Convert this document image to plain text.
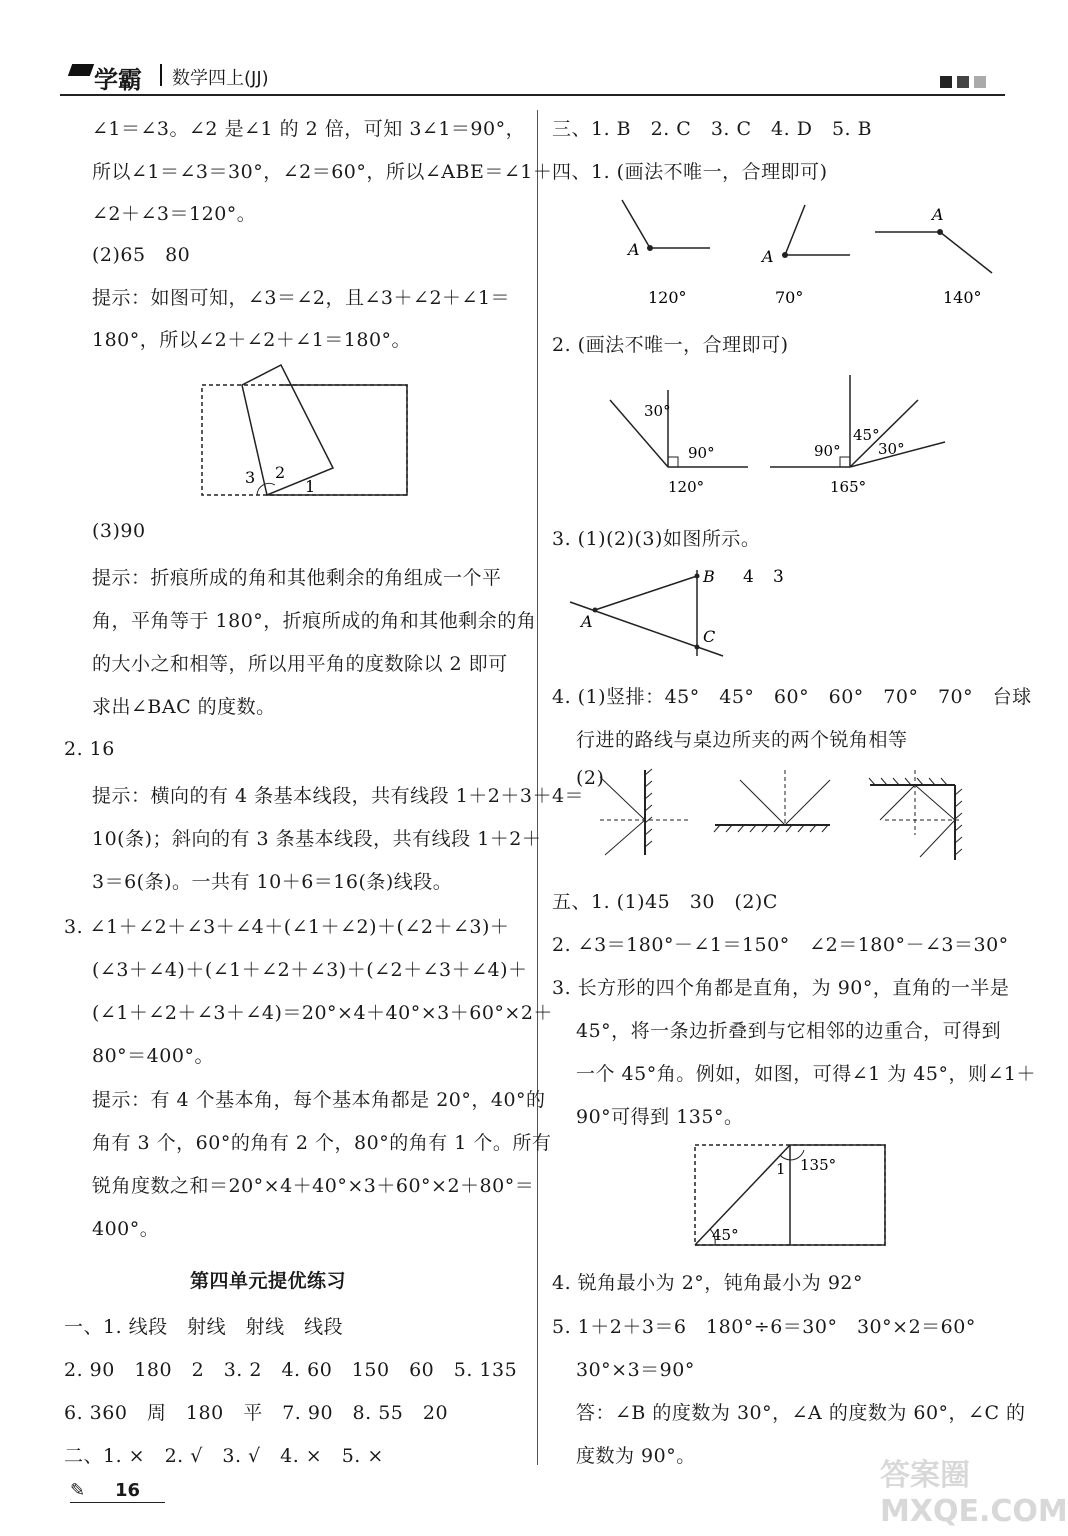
学霸 数学四上(JJ)
∠1＝∠3。∠2 是∠1 的 2 倍，可知 3∠1＝90°，
所以∠1＝∠3＝30°，∠2＝60°，所以∠ABE＝∠1＋
∠2＋∠3＝120°。
(2)65　80
提示：如图可知，∠3＝∠2，且∠3＋∠2＋∠1＝
180°，所以∠2＋∠2＋∠1＝180°。
(3)90
提示：折痕所成的角和其他剩余的角组成一个平
角，平角等于 180°，折痕所成的角和其他剩余的角
的大小之和相等，所以用平角的度数除以 2 即可
求出∠BAC 的度数。
2. 16
提示：横向的有 4 条基本线段，共有线段 1＋2＋3＋4＝
10(条)；斜向的有 3 条基本线段，共有线段 1＋2＋
3＝6(条)。一共有 10＋6＝16(条)线段。
3. ∠1＋∠2＋∠3＋∠4＋(∠1＋∠2)＋(∠2＋∠3)＋
(∠3＋∠4)＋(∠1＋∠2＋∠3)＋(∠2＋∠3＋∠4)＋
(∠1＋∠2＋∠3＋∠4)＝20°×4＋40°×3＋60°×2＋
80°＝400°。
提示：有 4 个基本角，每个基本角都是 20°，40°的
角有 3 个，60°的角有 2 个，80°的角有 1 个。所有
锐角度数之和＝20°×4＋40°×3＋60°×2＋80°＝
400°。
一、1. 线段　射线　射线　线段
2. 90　180　2　3. 2　4. 60　150　60　5. 135
6. 360　周　180　平　7. 90　8. 55　20
二、1. ×　2. √　3. √　4. ×　5. ×
三、1. B　2. C　3. C　4. D　5. B
四、1. (画法不唯一，合理即可)
2. (画法不唯一，合理即可)
3. (1)(2)(3)如图所示。
4. (1)竖排：45°　45°　60°　60°　70°　70°　台球
行进的路线与桌边所夹的两个锐角相等
五、1. (1)45　30　(2)C
2. ∠3＝180°－∠1＝150°　∠2＝180°－∠3＝30°
3. 长方形的四个角都是直角，为 90°，直角的一半是
45°，将一条边折叠到与它相邻的边重合，可得到
一个 45°角。例如，如图，可得∠1 为 45°，则∠1＋
90°可得到 135°。
4. 锐角最小为 2°，钝角最小为 92°
5. 1＋2＋3＝6　180°÷6＝30°　30°×2＝60°
30°×3＝90°
答：∠B 的度数为 30°，∠A 的度数为 60°，∠C 的
度数为 90°。
第四单元提优练习
3 2
1
A
120°
A
70°
A
140°
30°
90°
120°
90°
45°
30°
165°
A
B
C
4 3
(2)
1 135°
45°
✎ 16	答案圈 MXQE.COM
